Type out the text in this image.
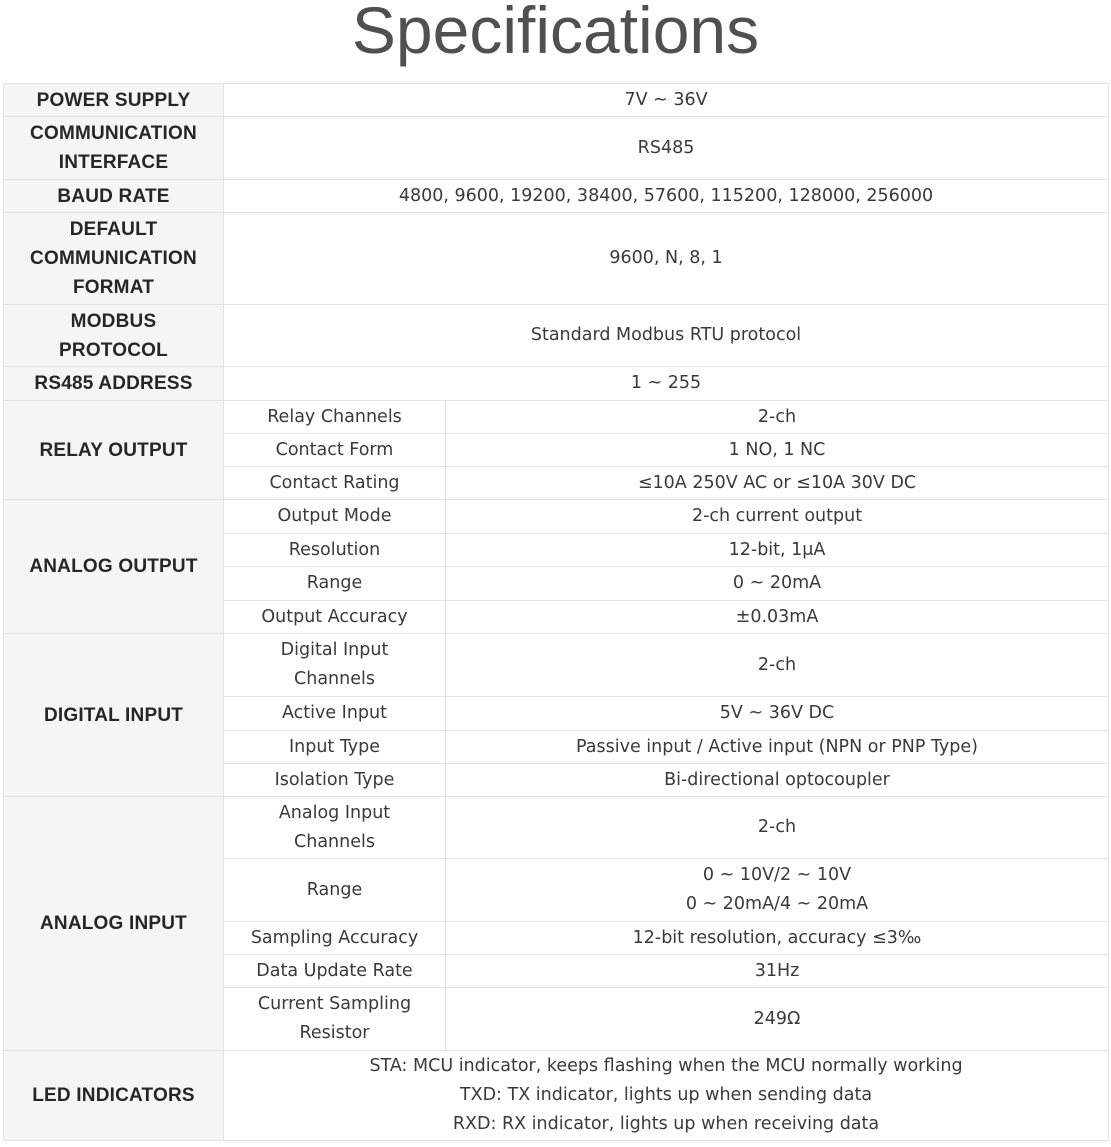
Specifications
POWER SUPPLY	7V ~ 36V	

COMMUNICATION
INTERFACE	RS485	
BAUD RATE	4800, 9600, 19200, 38400, 57600, 115200, 128000, 256000	

DEFAULT
COMMUNICATION
FORMAT	9600, N, 8, 1	

MODBUS
PROTOCOL	Standard Modbus RTU protocol	
RS485 ADDRESS	1 ~ 255	
RELAY OUTPUT	Relay Channels	2-ch
	Contact Form	1 NO, 1 NC
	Contact Rating	≤10A 250V AC or ≤10A 30V DC
ANALOG OUTPUT	Output Mode	2-ch current output
	Resolution	12-bit, 1μA
	Range	0 ~ 20mA
	Output Accuracy	±0.03mA
DIGITAL INPUT	Digital Input
Channels	2-ch
	Active Input	5V ~ 36V DC
	Input Type	Passive input / Active input (NPN or PNP Type)
	Isolation Type	Bi-directional optocoupler
ANALOG INPUT	Analog Input
Channels	2-ch
	Range	0 ~ 10V/2 ~ 10V
0 ~ 20mA/4 ~ 20mA

	Sampling Accuracy	12-bit resolution, accuracy ≤3‰
	Data Update Rate	31Hz

	Current Sampling
Resistor	249Ω
LED INDICATORS	STA: MCU indicator, keeps flashing when the MCU normally working
TXD: TX indicator, lights up when sending data
RXD: RX indicator, lights up when receiving data	
